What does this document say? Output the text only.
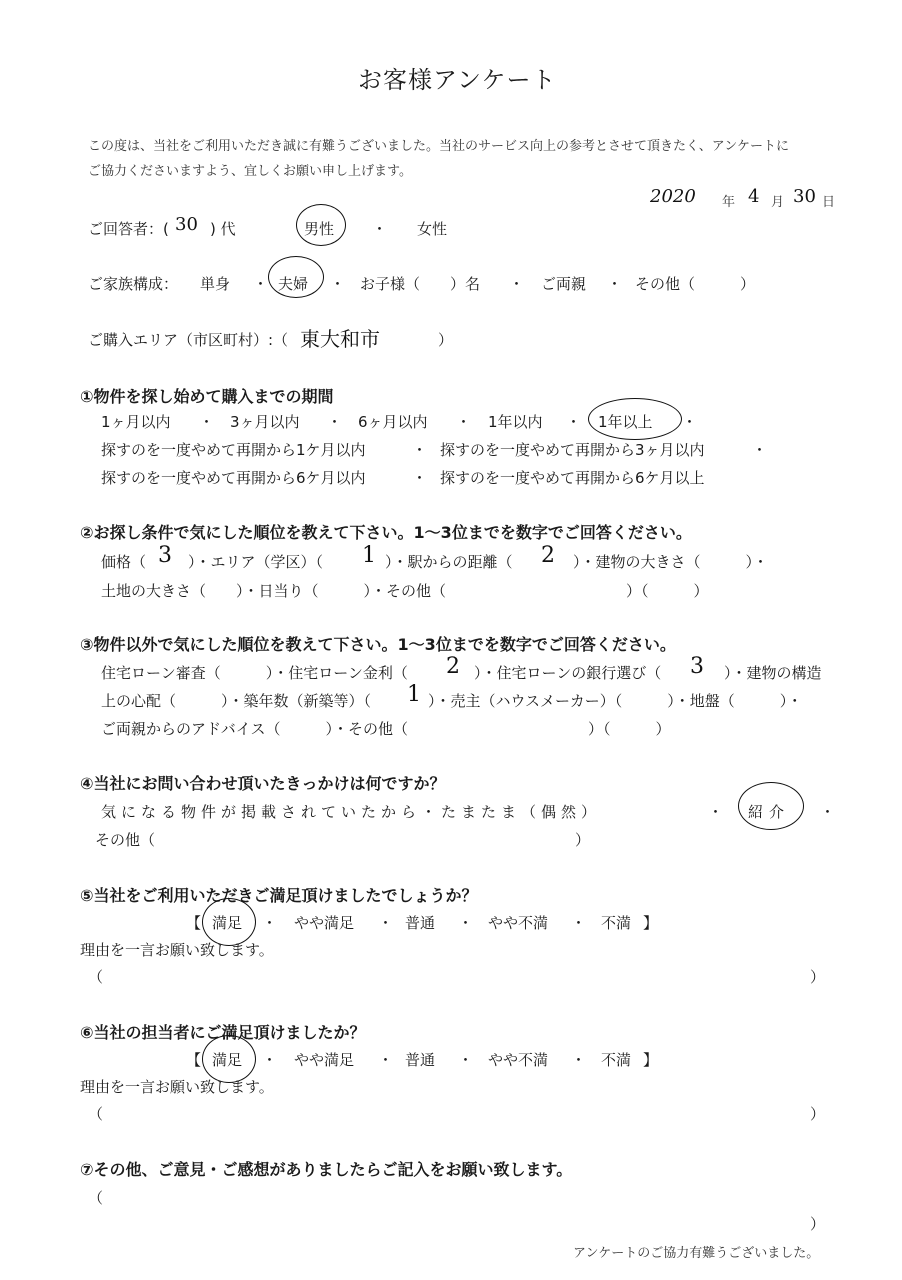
お客様アンケート
この度は、当社をご利用いただき誠に有難うございました。当社のサービス向上の参考とさせて頂きたく、アンケートに
ご協力くださいますよう、宜しくお願い申し上げます。
2020 年 4 月 30 日
ご回答者：( 30 ) 代	男性	・ 女性
ご家族構成： 単身 ・ 夫婦 ・ お子様（　　）名 ・ ご両親 ・ その他（　　　）
ご購入エリア（市区町村）:（ 東大和市	）
①物件を探し始めて購入までの期間
1ヶ月以内 ・ 3ヶ月以内 ・ 6ヶ月以内 ・ 1年以内 ・ 1年以上 ・
探すのを一度やめて再開から1ケ月以内	・ 探すのを一度やめて再開から3ヶ月以内	・
探すのを一度やめて再開から6ケ月以内	・ 探すのを一度やめて再開から6ケ月以上
②お探し条件で気にした順位を教えて下さい。1～3位までを数字でご回答ください。
価格（ 3 ）・エリア（学区）（ 1 ）・駅からの距離（ 2 ）・建物の大きさ（　　　）・
土地の大きさ（　　）・日当り（　　　）・その他（　　　　　　　　　　　　）（　　　）
③物件以外で気にした順位を教えて下さい。1～3位までを数字でご回答ください。
住宅ローン審査（　　　）・住宅ローン金利（ 2 ）・住宅ローンの銀行選び（ 3 ）・建物の構造
上の心配（　　　）・築年数（新築等）（ 1 ）・売主（ハウスメーカー）（　　　）・地盤（　　　）・
ご両親からのアドバイス（　　　）・その他（　　　　　　　　　　　　）（　　　）
④当社にお問い合わせ頂いたきっかけは何ですか？
気になる物件が掲載されていたから・たまたま（偶然）	・ 紹介 ・
その他（　　　　　　　　　　　　　　　　　　　　　　　　　　　　）
⑤当社をご利用いただきご満足頂けましたでしょうか？
【 満足 ・ やや満足 ・ 普通 ・ やや不満 ・ 不満 】
理由を一言お願い致します。
（	）
⑥当社の担当者にご満足頂けましたか？
【 満足 ・ やや満足 ・ 普通 ・ やや不満 ・ 不満 】
理由を一言お願い致します。
（	）
⑦その他、ご意見・ご感想がありましたらご記入をお願い致します。
（
）
アンケートのご協力有難うございました。
